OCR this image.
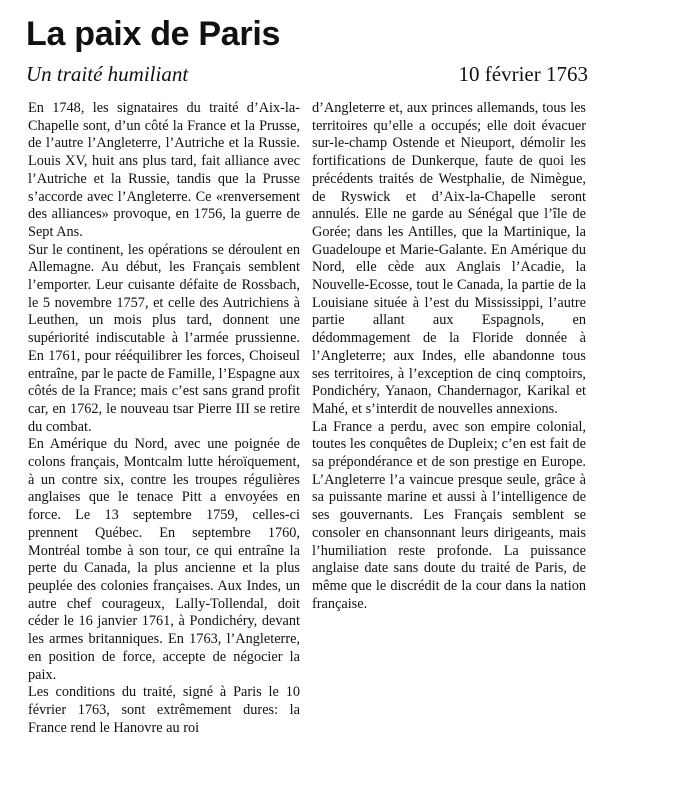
La paix de Paris
Un traité humiliant	10 février 1763

En 1748, les signataires du traité d’Aix-la-Chapelle sont, d’un côté la France et la Prusse, de l’autre l’Angleterre, l’Autriche et la Russie. Louis XV, huit ans plus tard, fait alliance avec l’Autriche et la Russie, tandis que la Prusse s’accorde avec l’Angleterre. Ce «renversement des alliances» provoque, en 1756, la guerre de Sept Ans.

Sur le continent, les opérations se déroulent en Allemagne. Au début, les Français semblent l’emporter. Leur cuisante défaite de Rossbach, le 5 novembre 1757, et celle des Autrichiens à Leuthen, un mois plus tard, donnent une supériorité indiscutable à l’armée prussienne. En 1761, pour rééquilibrer les forces, Choiseul entraîne, par le pacte de Famille, l’Espagne aux côtés de la France; mais c’est sans grand profit car, en 1762, le nouveau tsar Pierre III se retire du combat.

En Amérique du Nord, avec une poignée de colons français, Montcalm lutte héroïquement, à un contre six, contre les troupes régulières anglaises que le tenace Pitt a envoyées en force. Le 13 septembre 1759, celles-ci prennent Québec. En septembre 1760, Montréal tombe à son tour, ce qui entraîne la perte du Canada, la plus ancienne et la plus peuplée des colonies françaises. Aux Indes, un autre chef courageux, Lally-Tollendal, doit céder le 16 janvier 1761, à Pondichéry, devant les armes britanniques. En 1763, l’Angleterre, en position de force, accepte de négocier la paix.

Les conditions du traité, signé à Paris le 10 février 1763, sont extrêmement dures: la France rend le Hanovre au roi

d’Angleterre et, aux princes allemands, tous les territoires qu’elle a occupés; elle doit évacuer sur-le-champ Ostende et Nieuport, démolir les fortifications de Dunkerque, faute de quoi les précédents traités de Westphalie, de Nimègue, de Ryswick et d’Aix-la-Chapelle seront annulés. Elle ne garde au Sénégal que l’île de Gorée; dans les Antilles, que la Martinique, la Guadeloupe et Marie-Galante. En Amérique du Nord, elle cède aux Anglais l’Acadie, la Nouvelle-Ecosse, tout le Canada, la partie de la Louisiane située à l’est du Mississippi, l’autre partie allant aux Espagnols, en dédommagement de la Floride donnée à l’Angleterre; aux Indes, elle abandonne tous ses territoires, à l’exception de cinq comptoirs, Pondichéry, Yanaon, Chandernagor, Karikal et Mahé, et s’interdit de nouvelles annexions.

La France a perdu, avec son empire colonial, toutes les conquêtes de Dupleix; c’en est fait de sa prépondérance et de son prestige en Europe. L’Angleterre l’a vaincue presque seule, grâce à sa puissante marine et aussi à l’intelligence de ses gouvernants. Les Français semblent se consoler en chansonnant leurs dirigeants, mais l’humiliation reste profonde. La puissance anglaise date sans doute du traité de Paris, de même que le discrédit de la cour dans la nation française.
